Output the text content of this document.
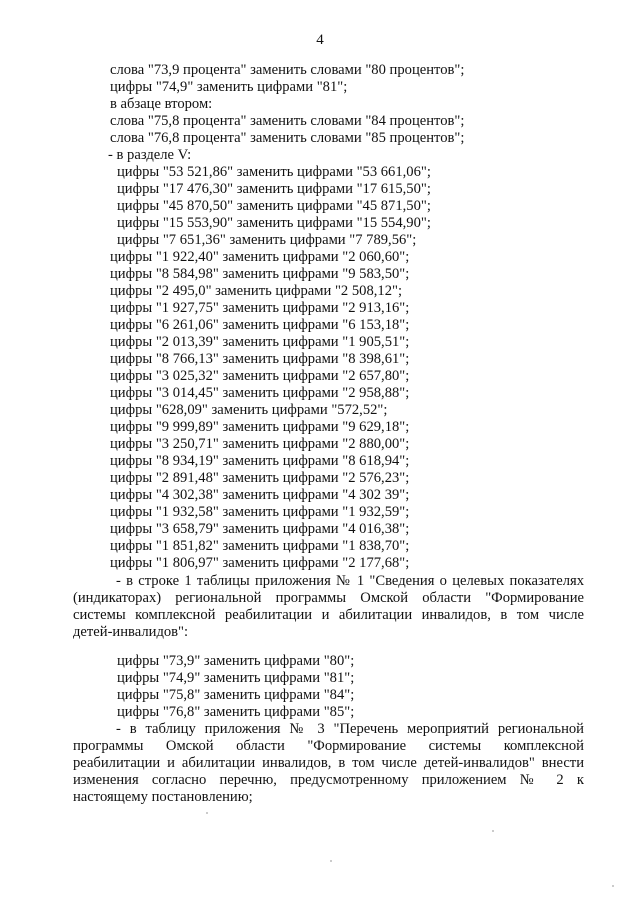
4
слова "73,9 процента" заменить словами "80 процентов";
цифры "74,9" заменить цифрами "81";
в абзаце втором:
слова "75,8 процента" заменить словами "84 процентов";
слова "76,8 процента" заменить словами "85 процентов";
- в разделе V:
цифры "53 521,86" заменить цифрами "53 661,06";
цифры "17 476,30" заменить цифрами "17 615,50";
цифры "45 870,50" заменить цифрами "45 871,50";
цифры "15 553,90" заменить цифрами "15 554,90";
цифры "7 651,36" заменить цифрами "7 789,56";
цифры "1 922,40" заменить цифрами "2 060,60";
цифры "8 584,98" заменить цифрами "9 583,50";
цифры "2 495,0" заменить цифрами "2 508,12";
цифры "1 927,75" заменить цифрами "2 913,16";
цифры "6 261,06" заменить цифрами "6 153,18";
цифры "2 013,39" заменить цифрами "1 905,51";
цифры "8 766,13" заменить цифрами "8 398,61";
цифры "3 025,32" заменить цифрами "2 657,80";
цифры "3 014,45" заменить цифрами "2 958,88";
цифры "628,09" заменить цифрами "572,52";
цифры "9 999,89" заменить цифрами "9 629,18";
цифры "3 250,71" заменить цифрами "2 880,00";
цифры "8 934,19" заменить цифрами "8 618,94";
цифры "2 891,48" заменить цифрами "2 576,23";
цифры "4 302,38" заменить цифрами "4 302 39";
цифры "1 932,58" заменить цифрами "1 932,59";
цифры "3 658,79" заменить цифрами "4 016,38";
цифры "1 851,82" заменить цифрами "1 838,70";
цифры "1 806,97" заменить цифрами "2 177,68";
- в строке 1 таблицы приложения № 1 "Сведения о целевых показателях
(индикаторах) региональной программы Омской области "Формирование
системы комплексной реабилитации и абилитации инвалидов, в том числе
детей-инвалидов":
цифры "73,9" заменить цифрами "80";
цифры "74,9" заменить цифрами "81";
цифры "75,8" заменить цифрами "84";
цифры "76,8" заменить цифрами "85";
- в таблицу приложения № 3 "Перечень мероприятий региональной
программы Омской области "Формирование системы комплексной
реабилитации и абилитации инвалидов, в том числе детей-инвалидов" внести
изменения согласно перечню, предусмотренному приложением № 2 к
настоящему постановлению;
